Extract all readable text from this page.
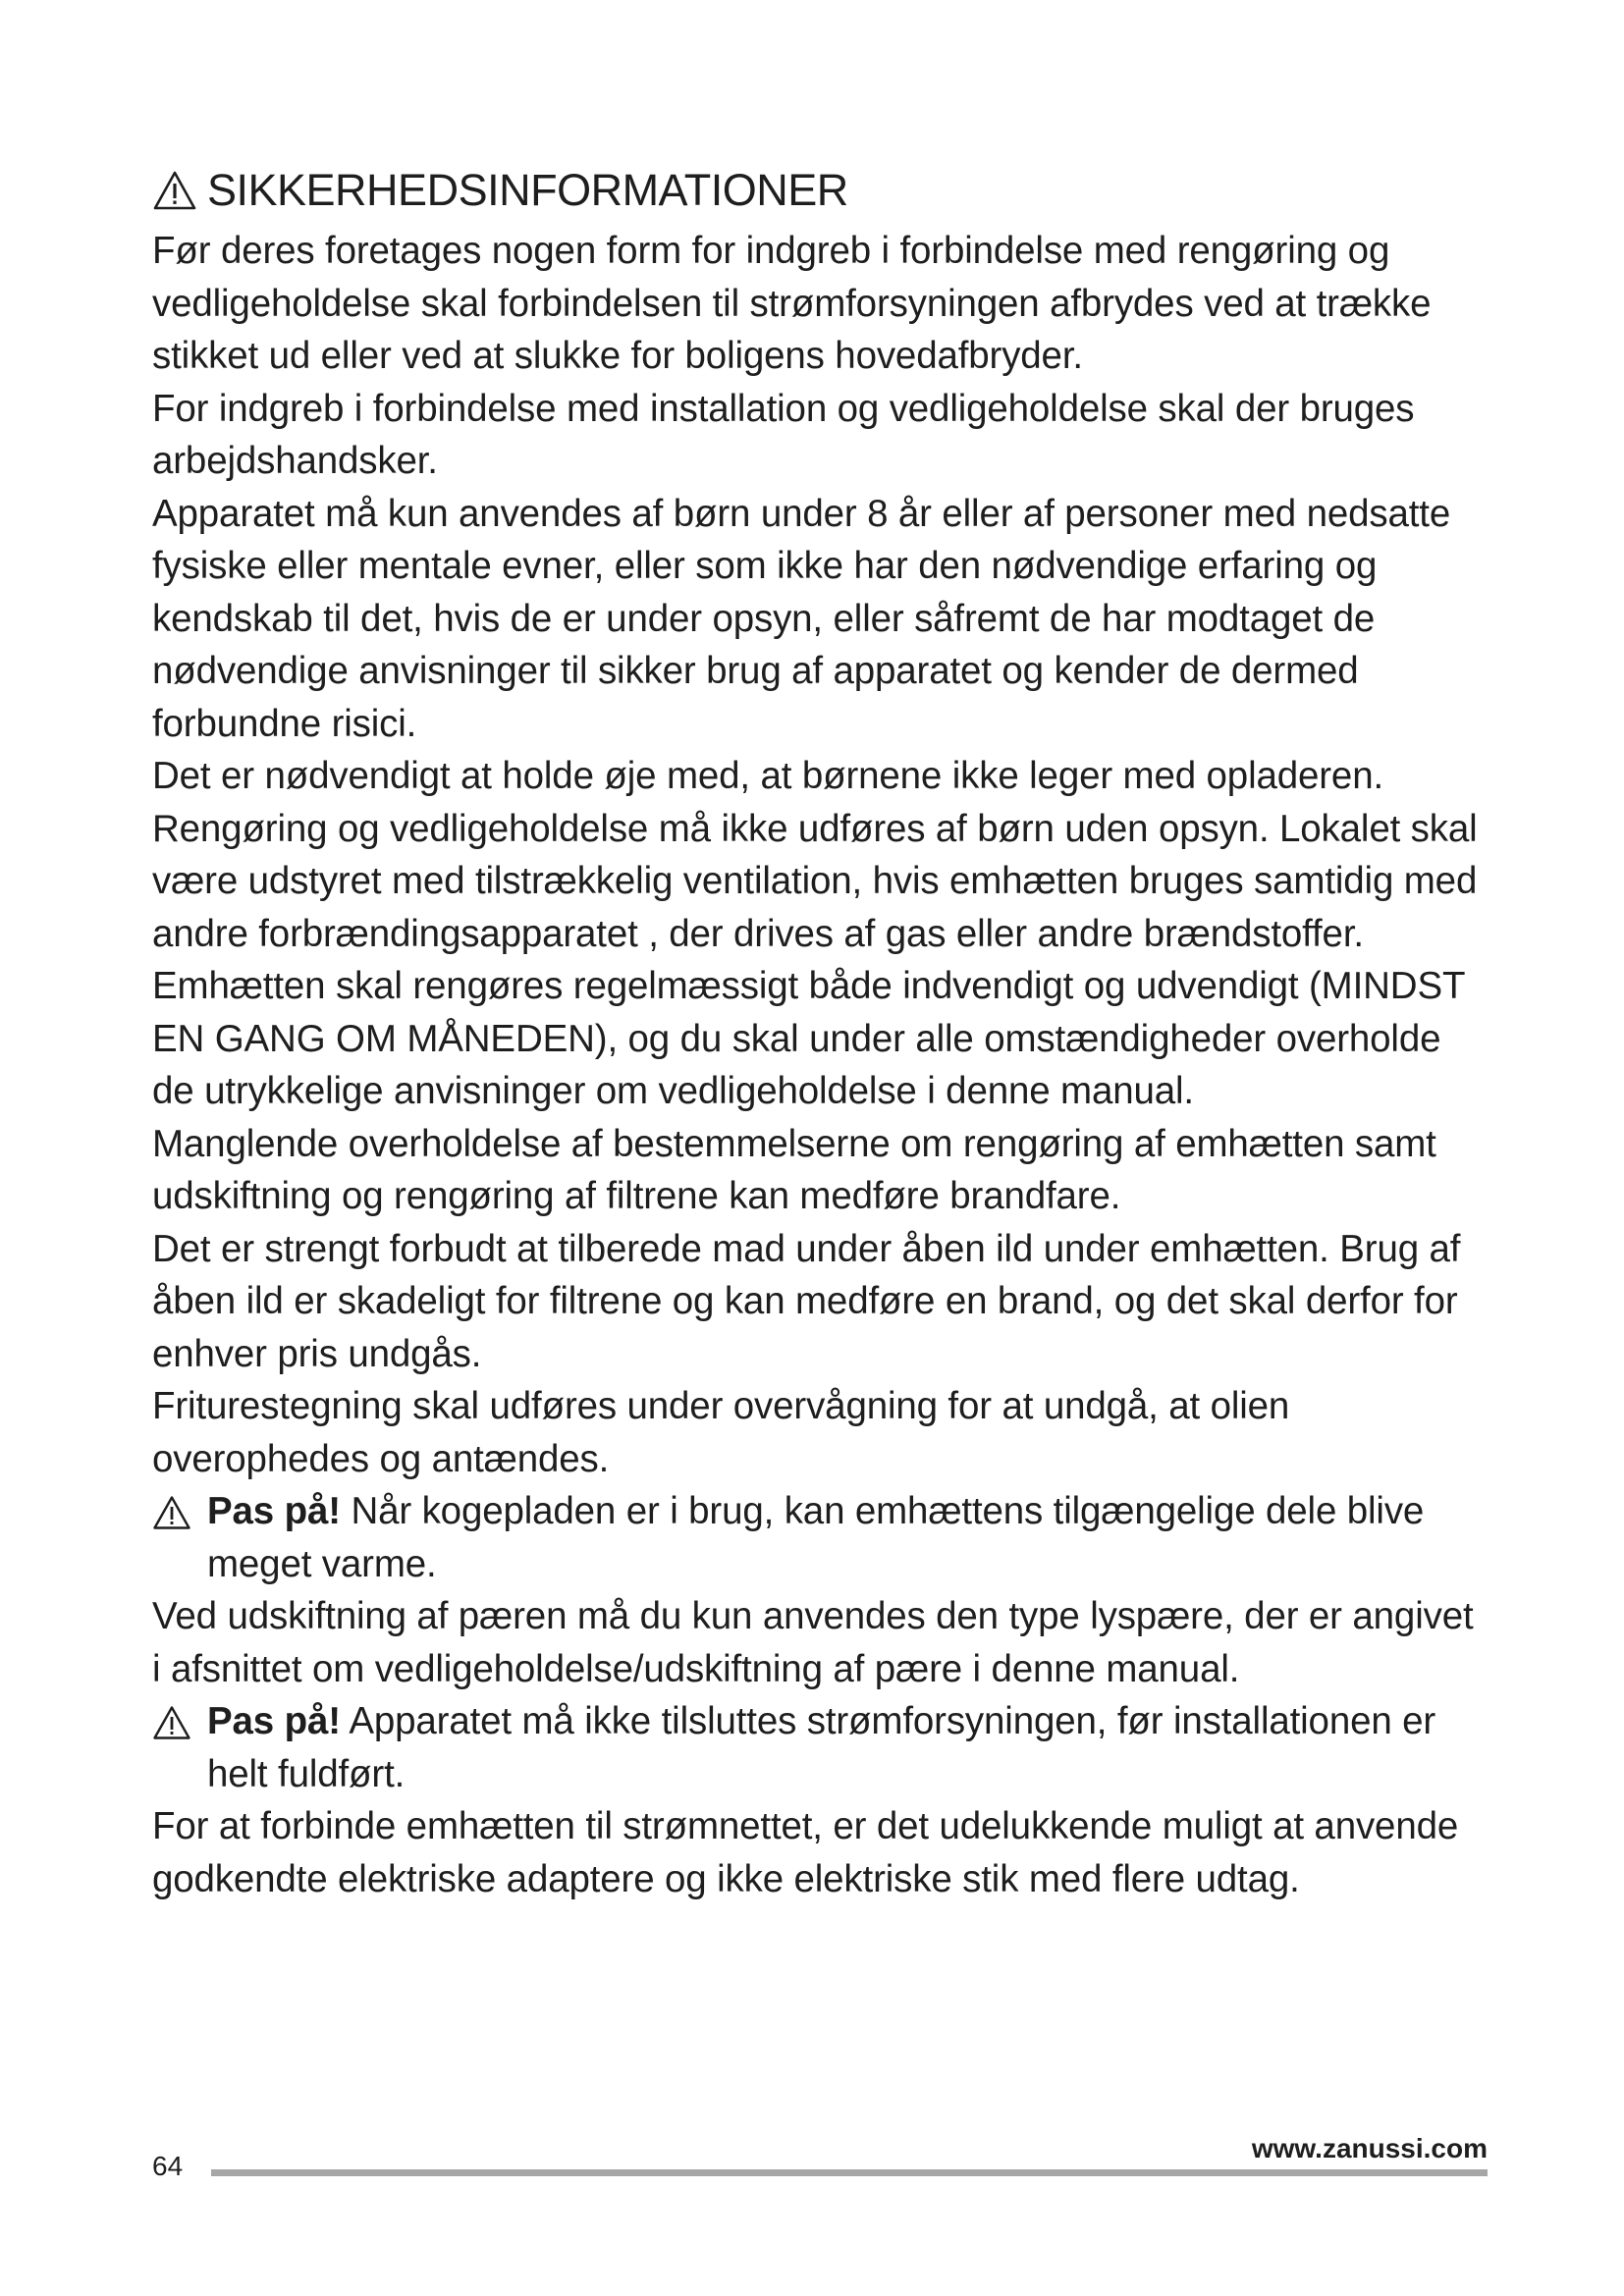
SIKKERHEDSINFORMATIONER

Før deres foretages nogen form for indgreb i forbindelse med rengøring og vedligeholdelse skal forbindelsen til strømforsyningen afbrydes ved at trække stikket ud eller ved at slukke for boligens hovedafbryder.

For indgreb i forbindelse med installation og vedligeholdelse skal der bruges arbejdshandsker.

Apparatet må kun anvendes af børn under 8 år eller af personer med nedsatte fysiske eller mentale evner, eller som ikke har den nødvendige erfaring og kendskab til det, hvis de er under opsyn, eller såfremt de har modtaget de nødvendige anvisninger til sikker brug af apparatet og kender de dermed forbundne risici.

Det er nødvendigt at holde øje med, at børnene ikke leger med opladeren. Rengøring og vedligeholdelse må ikke udføres af børn uden opsyn. Lokalet skal være udstyret med tilstrækkelig ventilation, hvis emhætten bruges samtidig med andre forbrændingsapparatet , der drives af gas eller andre brændstoffer.

Emhætten skal rengøres regelmæssigt både indvendigt og udvendigt (MINDST EN GANG OM MÅNEDEN), og du skal under alle omstændigheder overholde de utrykkelige anvisninger om vedligeholdelse i denne manual.

Manglende overholdelse af bestemmelserne om rengøring af emhætten samt udskiftning og rengøring af filtrene kan medføre brandfare.

Det er strengt forbudt at tilberede mad under åben ild under emhætten. Brug af åben ild er skadeligt for filtrene og kan medføre en brand, og det skal derfor for enhver pris undgås.

Friturestegning skal udføres under overvågning for at undgå, at olien overophedes og antændes.

Pas på! Når kogepladen er i brug, kan emhættens tilgængelige dele blive meget varme.

Ved udskiftning af pæren må du kun anvendes den type lyspære, der er angivet i afsnittet om vedligeholdelse/udskiftning af pære i denne manual.

Pas på! Apparatet må ikke tilsluttes strømforsyningen, før installationen er helt fuldført.

For at forbinde emhætten til strømnettet, er det udelukkende muligt at anvende godkendte elektriske adaptere og ikke elektriske stik med flere udtag.

64
www.zanussi.com
